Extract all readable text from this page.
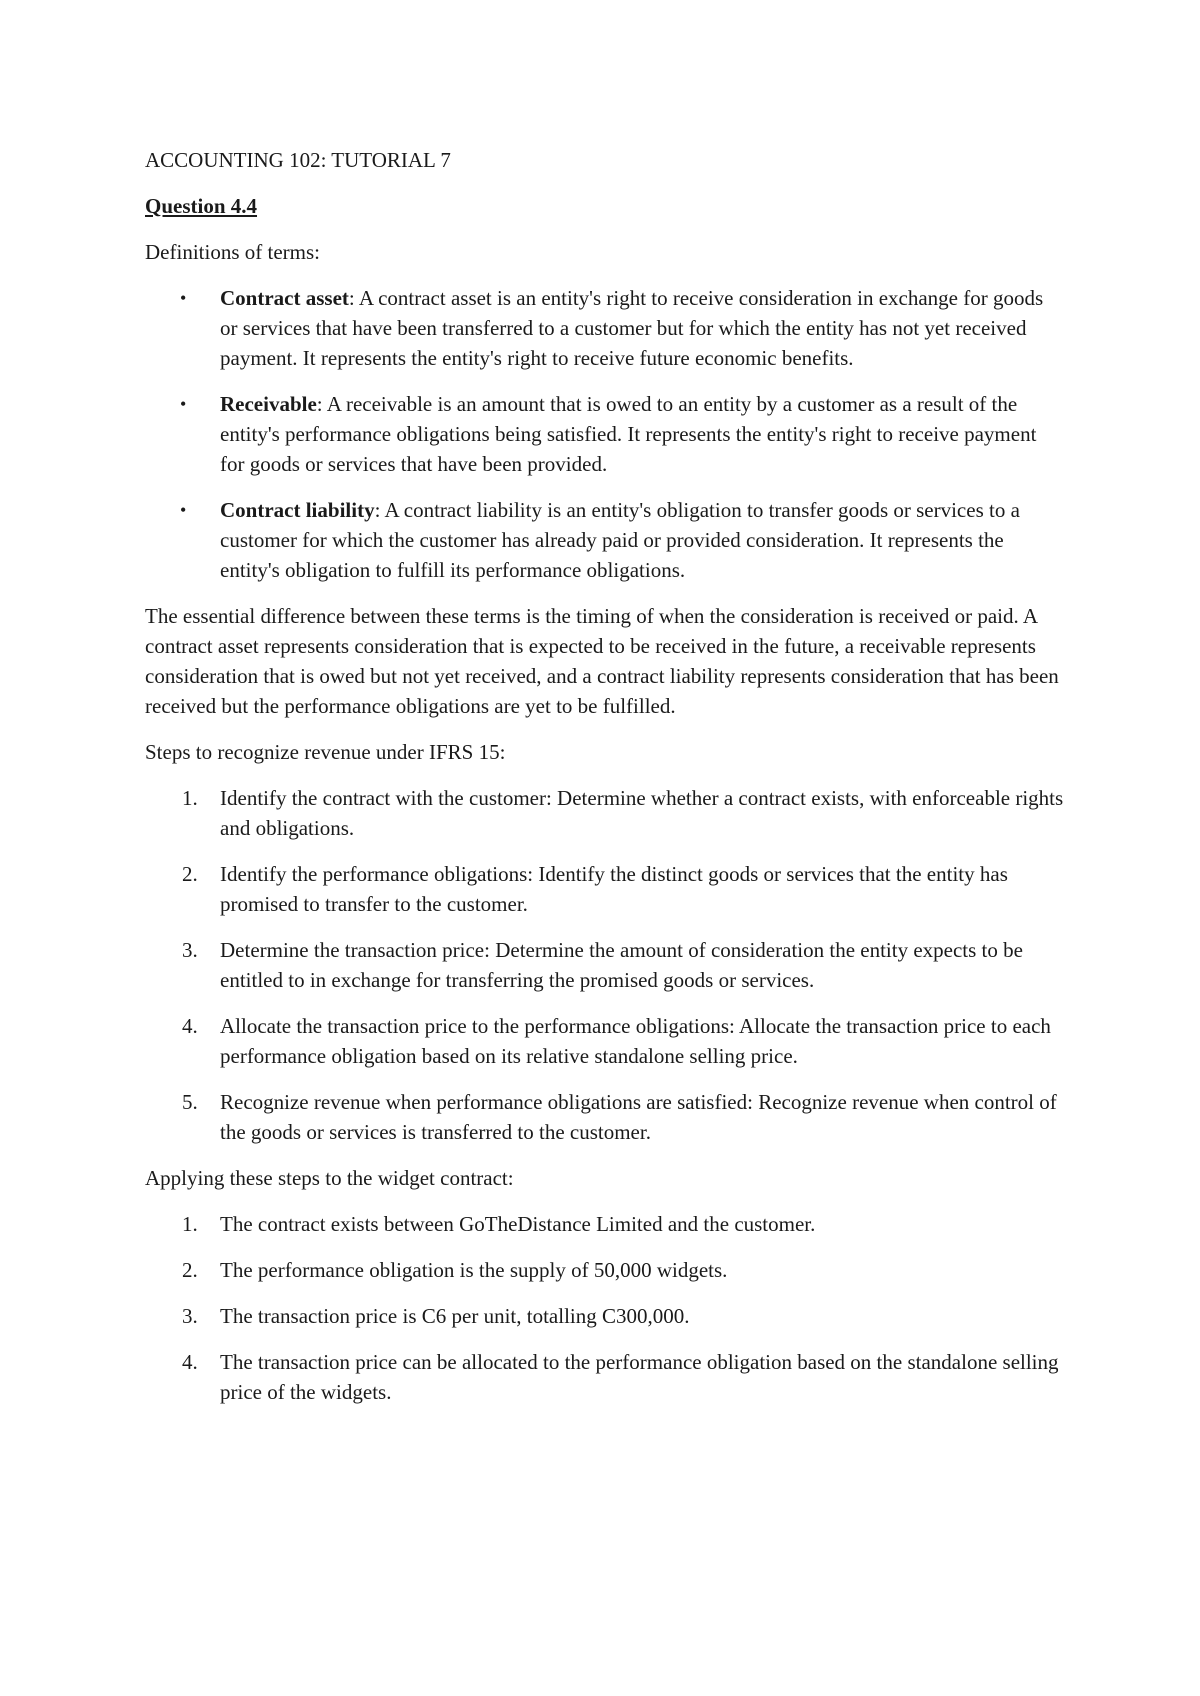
ACCOUNTING 102: TUTORIAL 7
Question 4.4

Definitions of terms:

• Contract asset: A contract asset is an entity's right to receive consideration in exchange for goods or services that have been transferred to a customer but for which the entity has not yet received payment. It represents the entity's right to receive future economic benefits.
• Receivable: A receivable is an amount that is owed to an entity by a customer as a result of the entity's performance obligations being satisfied. It represents the entity's right to receive payment for goods or services that have been provided.
• Contract liability: A contract liability is an entity's obligation to transfer goods or services to a customer for which the customer has already paid or provided consideration. It represents the entity's obligation to fulfill its performance obligations.

The essential difference between these terms is the timing of when the consideration is received or paid. A contract asset represents consideration that is expected to be received in the future, a receivable represents consideration that is owed but not yet received, and a contract liability represents consideration that has been received but the performance obligations are yet to be fulfilled.

Steps to recognize revenue under IFRS 15:

1. Identify the contract with the customer: Determine whether a contract exists, with enforceable rights and obligations.
2. Identify the performance obligations: Identify the distinct goods or services that the entity has promised to transfer to the customer.
3. Determine the transaction price: Determine the amount of consideration the entity expects to be entitled to in exchange for transferring the promised goods or services.
4. Allocate the transaction price to the performance obligations: Allocate the transaction price to each performance obligation based on its relative standalone selling price.
5. Recognize revenue when performance obligations are satisfied: Recognize revenue when control of the goods or services is transferred to the customer.

Applying these steps to the widget contract:

1. The contract exists between GoTheDistance Limited and the customer.
2. The performance obligation is the supply of 50,000 widgets.
3. The transaction price is C6 per unit, totalling C300,000.
4. The transaction price can be allocated to the performance obligation based on the standalone selling price of the widgets.
